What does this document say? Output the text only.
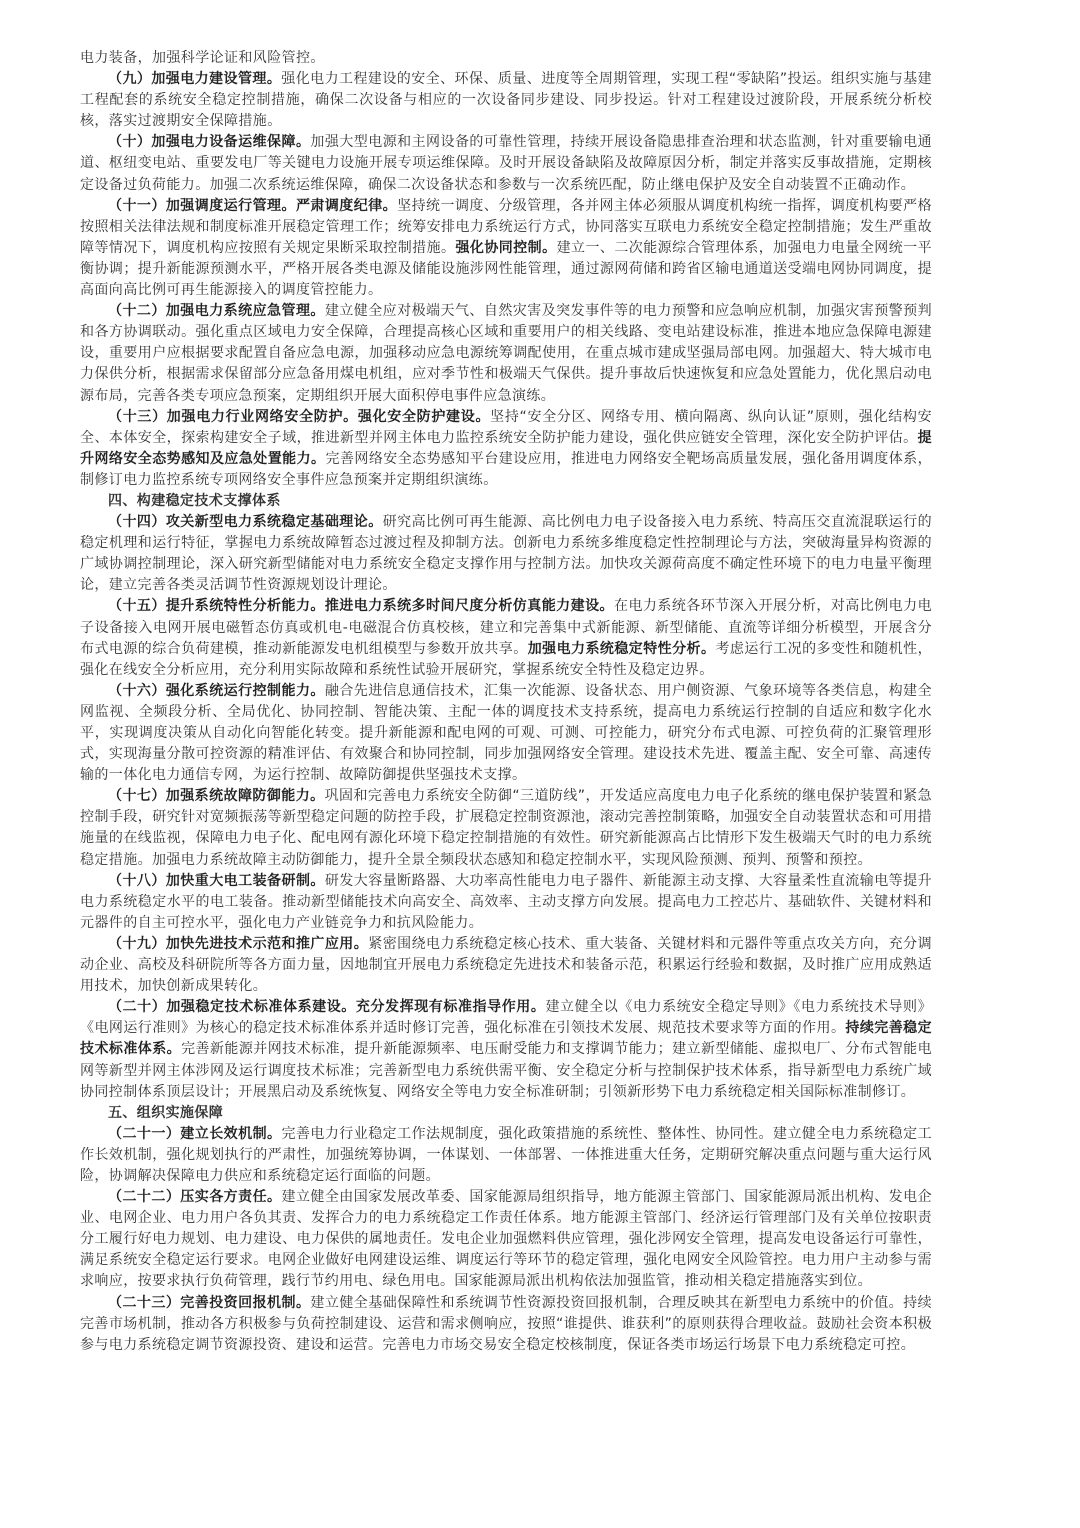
电力装备，加强科学论证和风险管控。

（九）加强电力建设管理。强化电力工程建设的安全、环保、质量、进度等全周期管理，实现工程“零缺陷”投运。组织实施与基建工程配套的系统安全稳定控制措施，确保二次设备与相应的一次设备同步建设、同步投运。针对工程建设过渡阶段，开展系统分析校核，落实过渡期安全保障措施。

（十）加强电力设备运维保障。加强大型电源和主网设备的可靠性管理，持续开展设备隐患排查治理和状态监测，针对重要输电通道、枢纽变电站、重要发电厂等关键电力设施开展专项运维保障。及时开展设备缺陷及故障原因分析，制定并落实反事故措施，定期核定设备过负荷能力。加强二次系统运维保障，确保二次设备状态和参数与一次系统匹配，防止继电保护及安全自动装置不正确动作。

（十一）加强调度运行管理。严肃调度纪律。坚持统一调度、分级管理，各并网主体必须服从调度机构统一指挥，调度机构要严格按照相关法律法规和制度标准开展稳定管理工作；统筹安排电力系统运行方式，协同落实互联电力系统安全稳定控制措施；发生严重故障等情况下，调度机构应按照有关规定果断采取控制措施。强化协同控制。建立一、二次能源综合管理体系，加强电力电量全网统一平衡协调；提升新能源预测水平，严格开展各类电源及储能设施涉网性能管理，通过源网荷储和跨省区输电通道送受端电网协同调度，提高面向高比例可再生能源接入的调度管控能力。

（十二）加强电力系统应急管理。建立健全应对极端天气、自然灾害及突发事件等的电力预警和应急响应机制，加强灾害预警预判和各方协调联动。强化重点区域电力安全保障，合理提高核心区域和重要用户的相关线路、变电站建设标准，推进本地应急保障电源建设，重要用户应根据要求配置自备应急电源，加强移动应急电源统筹调配使用，在重点城市建成坚强局部电网。加强超大、特大城市电力保供分析，根据需求保留部分应急备用煤电机组，应对季节性和极端天气保供。提升事故后快速恢复和应急处置能力，优化黑启动电源布局，完善各类专项应急预案，定期组织开展大面积停电事件应急演练。

（十三）加强电力行业网络安全防护。强化安全防护建设。坚持“安全分区、网络专用、横向隔离、纵向认证”原则，强化结构安全、本体安全，探索构建安全子域，推进新型并网主体电力监控系统安全防护能力建设，强化供应链安全管理，深化安全防护评估。提升网络安全态势感知及应急处置能力。完善网络安全态势感知平台建设应用，推进电力网络安全靶场高质量发展，强化备用调度体系，制修订电力监控系统专项网络安全事件应急预案并定期组织演练。

四、构建稳定技术支撑体系

（十四）攻关新型电力系统稳定基础理论。研究高比例可再生能源、高比例电力电子设备接入电力系统、特高压交直流混联运行的稳定机理和运行特征，掌握电力系统故障暂态过渡过程及抑制方法。创新电力系统多维度稳定性控制理论与方法，突破海量异构资源的广域协调控制理论，深入研究新型储能对电力系统安全稳定支撑作用与控制方法。加快攻关源荷高度不确定性环境下的电力电量平衡理论，建立完善各类灵活调节性资源规划设计理论。

（十五）提升系统特性分析能力。推进电力系统多时间尺度分析仿真能力建设。在电力系统各环节深入开展分析，对高比例电力电子设备接入电网开展电磁暂态仿真或机电-电磁混合仿真校核，建立和完善集中式新能源、新型储能、直流等详细分析模型，开展含分布式电源的综合负荷建模，推动新能源发电机组模型与参数开放共享。加强电力系统稳定特性分析。考虑运行工况的多变性和随机性，强化在线安全分析应用，充分利用实际故障和系统性试验开展研究，掌握系统安全特性及稳定边界。

（十六）强化系统运行控制能力。融合先进信息通信技术，汇集一次能源、设备状态、用户侧资源、气象环境等各类信息，构建全网监视、全频段分析、全局优化、协同控制、智能决策、主配一体的调度技术支持系统，提高电力系统运行控制的自适应和数字化水平，实现调度决策从自动化向智能化转变。提升新能源和配电网的可观、可测、可控能力，研究分布式电源、可控负荷的汇聚管理形式，实现海量分散可控资源的精准评估、有效聚合和协同控制，同步加强网络安全管理。建设技术先进、覆盖主配、安全可靠、高速传输的一体化电力通信专网，为运行控制、故障防御提供坚强技术支撑。

（十七）加强系统故障防御能力。巩固和完善电力系统安全防御“三道防线”，开发适应高度电力电子化系统的继电保护装置和紧急控制手段，研究针对宽频振荡等新型稳定问题的防控手段，扩展稳定控制资源池，滚动完善控制策略，加强安全自动装置状态和可用措施量的在线监视，保障电力电子化、配电网有源化环境下稳定控制措施的有效性。研究新能源高占比情形下发生极端天气时的电力系统稳定措施。加强电力系统故障主动防御能力，提升全景全频段状态感知和稳定控制水平，实现风险预测、预判、预警和预控。

（十八）加快重大电工装备研制。研发大容量断路器、大功率高性能电力电子器件、新能源主动支撑、大容量柔性直流输电等提升电力系统稳定水平的电工装备。推动新型储能技术向高安全、高效率、主动支撑方向发展。提高电力工控芯片、基础软件、关键材料和元器件的自主可控水平，强化电力产业链竞争力和抗风险能力。

（十九）加快先进技术示范和推广应用。紧密围绕电力系统稳定核心技术、重大装备、关键材料和元器件等重点攻关方向，充分调动企业、高校及科研院所等各方面力量，因地制宜开展电力系统稳定先进技术和装备示范，积累运行经验和数据，及时推广应用成熟适用技术，加快创新成果转化。

（二十）加强稳定技术标准体系建设。充分发挥现有标准指导作用。建立健全以《电力系统安全稳定导则》《电力系统技术导则》《电网运行准则》为核心的稳定技术标准体系并适时修订完善，强化标准在引领技术发展、规范技术要求等方面的作用。持续完善稳定技术标准体系。完善新能源并网技术标准，提升新能源频率、电压耐受能力和支撑调节能力；建立新型储能、虚拟电厂、分布式智能电网等新型并网主体涉网及运行调度技术标准；完善新型电力系统供需平衡、安全稳定分析与控制保护技术体系，指导新型电力系统广域协同控制体系顶层设计；开展黑启动及系统恢复、网络安全等电力安全标准研制；引领新形势下电力系统稳定相关国际标准制修订。

五、组织实施保障

（二十一）建立长效机制。完善电力行业稳定工作法规制度，强化政策措施的系统性、整体性、协同性。建立健全电力系统稳定工作长效机制，强化规划执行的严肃性，加强统筹协调，一体谋划、一体部署、一体推进重大任务，定期研究解决重点问题与重大运行风险，协调解决保障电力供应和系统稳定运行面临的问题。

（二十二）压实各方责任。建立健全由国家发展改革委、国家能源局组织指导，地方能源主管部门、国家能源局派出机构、发电企业、电网企业、电力用户各负其责、发挥合力的电力系统稳定工作责任体系。地方能源主管部门、经济运行管理部门及有关单位按职责分工履行好电力规划、电力建设、电力保供的属地责任。发电企业加强燃料供应管理，强化涉网安全管理，提高发电设备运行可靠性，满足系统安全稳定运行要求。电网企业做好电网建设运维、调度运行等环节的稳定管理，强化电网安全风险管控。电力用户主动参与需求响应，按要求执行负荷管理，践行节约用电、绿色用电。国家能源局派出机构依法加强监管，推动相关稳定措施落实到位。

（二十三）完善投资回报机制。建立健全基础保障性和系统调节性资源投资回报机制，合理反映其在新型电力系统中的价值。持续完善市场机制，推动各方积极参与负荷控制建设、运营和需求侧响应，按照“谁提供、谁获利”的原则获得合理收益。鼓励社会资本积极参与电力系统稳定调节资源投资、建设和运营。完善电力市场交易安全稳定校核制度，保证各类市场运行场景下电力系统稳定可控。
